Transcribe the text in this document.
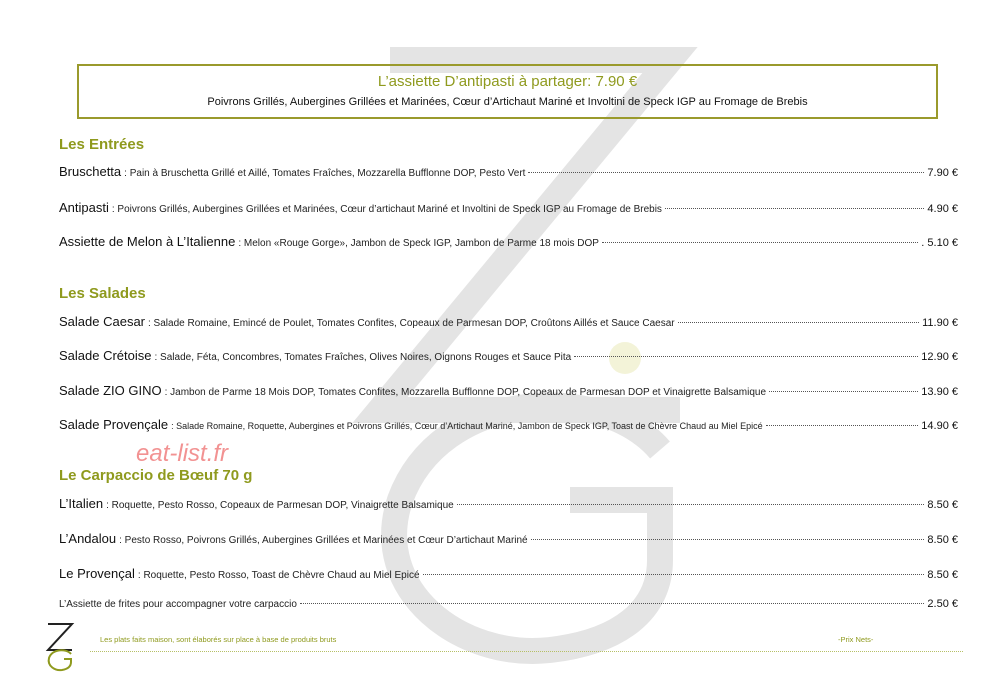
L’assiette D’antipasti à partager: 7.90 €
Poivrons Grillés, Aubergines Grillées et Marinées, Cœur d’Artichaut Mariné et Involtini de Speck IGP au Fromage de Brebis
Les Entrées
Bruschetta : Pain à Bruschetta Grillé et Aillé, Tomates Fraîches, Mozzarella Bufflonne DOP, Pesto Vert	7.90 €
Antipasti : Poivrons Grillés, Aubergines Grillées et Marinées, Cœur d’artichaut Mariné et Involtini de Speck IGP au Fromage de Brebis	4.90 €
Assiette de Melon à L’Italienne : Melon «Rouge Gorge», Jambon de Speck IGP, Jambon de Parme 18 mois DOP	. 5.10 €
Les Salades
Salade Caesar : Salade Romaine, Emincé de Poulet, Tomates Confites, Copeaux de Parmesan DOP, Croûtons Aillés et Sauce Caesar	11.90 €
Salade Crétoise : Salade, Féta, Concombres, Tomates Fraîches, Olives Noires, Oignons Rouges et Sauce Pita	12.90 €
Salade ZIO GINO : Jambon de Parme 18 Mois DOP, Tomates Confites, Mozzarella Bufflonne DOP, Copeaux de Parmesan DOP et Vinaigrette Balsamique	13.90 €
Salade Provençale : Salade Romaine, Roquette, Aubergines et Poivrons Grillés, Cœur d’Artichaut Mariné, Jambon de Speck IGP, Toast de Chèvre Chaud au Miel Epicé	14.90 €
eat-list.fr
Le Carpaccio de Bœuf 70 g
L’Italien : Roquette, Pesto Rosso, Copeaux de Parmesan DOP, Vinaigrette Balsamique	8.50 €
L’Andalou : Pesto Rosso, Poivrons Grillés, Aubergines Grillées et Marinées et Cœur D’artichaut Mariné	8.50 €
Le Provençal : Roquette, Pesto Rosso, Toast de Chèvre Chaud au Miel Epicé	8.50 €
L’Assiette de frites pour accompagner votre carpaccio	2.50 €
Les plats faits maison, sont élaborés sur place à base de produits bruts	-Prix Nets-
